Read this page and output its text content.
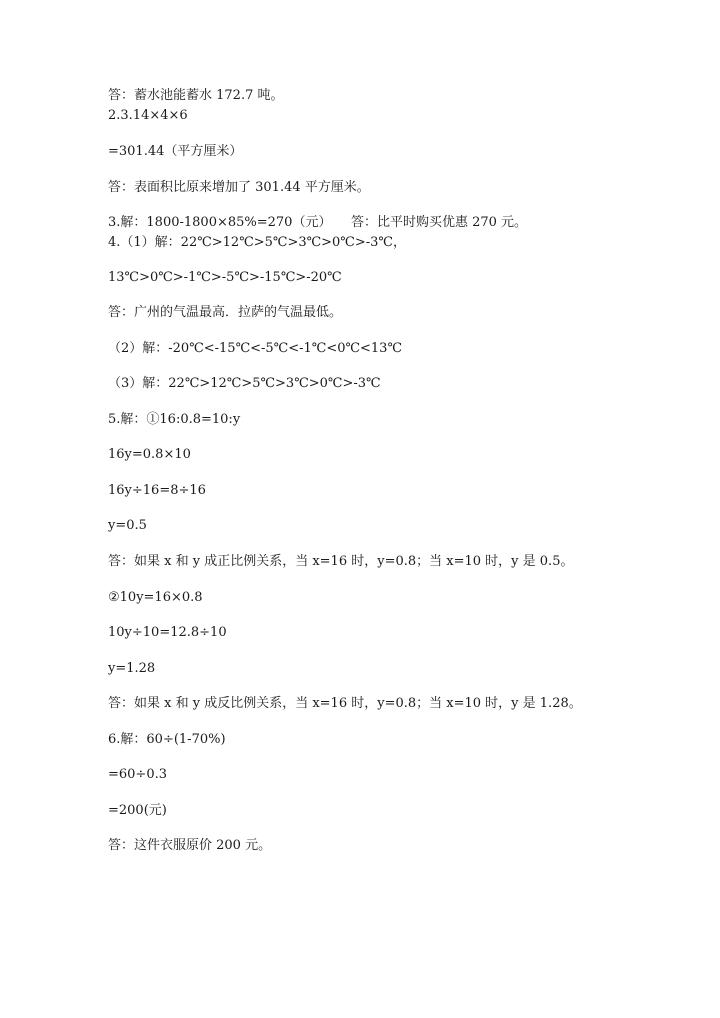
答：蓄水池能蓄水 172.7 吨。
2.3.14×4×6
=301.44（平方厘米）
答：表面积比原来增加了 301.44 平方厘米。
3.解：1800-1800×85%=270（元）　　答：比平时购买优惠 270 元。
4.（1）解：22℃>12℃>5℃>3℃>0℃>-3℃，
13℃>0℃>-1℃>-5℃>-15℃>-20℃
答：广州的气温最高．拉萨的气温最低。
（2）解：-20℃<-15℃<-5℃<-1℃<0℃<13℃
（3）解：22℃>12℃>5℃>3℃>0℃>-3℃
5.解：①16:0.8=10:y
16y=0.8×10
16y÷16=8÷16
y=0.5
答：如果 x 和 y 成正比例关系，当 x=16 时，y=0.8；当 x=10 时，y 是 0.5。
②10y=16×0.8
10y÷10=12.8÷10
y=1.28
答：如果 x 和 y 成反比例关系，当 x=16 时，y=0.8；当 x=10 时，y 是 1.28。
6.解：60÷(1-70%)
=60÷0.3
=200(元)
答：这件衣服原价 200 元。
